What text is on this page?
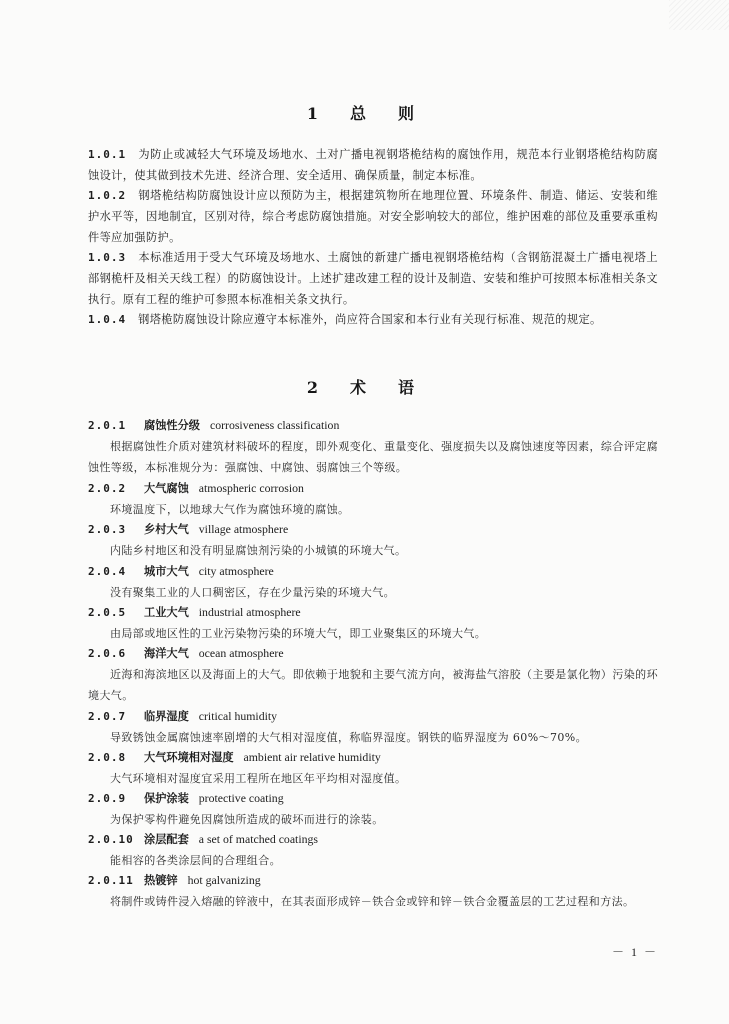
1　总　则
1.0.1 为防止或减轻大气环境及场地水、土对广播电视钢塔桅结构的腐蚀作用，规范本行业钢塔桅结构防腐蚀设计，使其做到技术先进、经济合理、安全适用、确保质量，制定本标准。
1.0.2 钢塔桅结构防腐蚀设计应以预防为主，根据建筑物所在地理位置、环境条件、制造、储运、安装和维护水平等，因地制宜，区别对待，综合考虑防腐蚀措施。对安全影响较大的部位，维护困难的部位及重要承重构件等应加强防护。
1.0.3 本标准适用于受大气环境及场地水、土腐蚀的新建广播电视钢塔桅结构（含钢筋混凝土广播电视塔上部钢桅杆及相关天线工程）的防腐蚀设计。上述扩建改建工程的设计及制造、安装和维护可按照本标准相关条文执行。原有工程的维护可参照本标准相关条文执行。
1.0.4 钢塔桅防腐蚀设计除应遵守本标准外，尚应符合国家和本行业有关现行标准、规范的规定。
2　术　语
2.0.1 腐蚀性分级 corrosiveness classification
根据腐蚀性介质对建筑材料破坏的程度，即外观变化、重量变化、强度损失以及腐蚀速度等因素，综合评定腐蚀性等级，本标准规分为：强腐蚀、中腐蚀、弱腐蚀三个等级。
2.0.2 大气腐蚀 atmospheric corrosion
环境温度下，以地球大气作为腐蚀环境的腐蚀。
2.0.3 乡村大气 village atmosphere
内陆乡村地区和没有明显腐蚀剂污染的小城镇的环境大气。
2.0.4 城市大气 city atmosphere
没有聚集工业的人口稠密区，存在少量污染的环境大气。
2.0.5 工业大气 industrial atmosphere
由局部或地区性的工业污染物污染的环境大气，即工业聚集区的环境大气。
2.0.6 海洋大气 ocean atmosphere
近海和海滨地区以及海面上的大气。即依赖于地貌和主要气流方向，被海盐气溶胶（主要是氯化物）污染的环境大气。
2.0.7 临界湿度 critical humidity
导致锈蚀金属腐蚀速率剧增的大气相对湿度值，称临界湿度。钢铁的临界湿度为 60%～70%。
2.0.8 大气环境相对湿度 ambient air relative humidity
大气环境相对湿度宜采用工程所在地区年平均相对湿度值。
2.0.9 保护涂装 protective coating
为保护零构件避免因腐蚀所造成的破坏而进行的涂装。
2.0.10 涂层配套 a set of matched coatings
能相容的各类涂层间的合理组合。
2.0.11 热镀锌 hot galvanizing
将制件或铸件浸入熔融的锌液中，在其表面形成锌－铁合金或锌和锌－铁合金覆盖层的工艺过程和方法。
－ 1 －
